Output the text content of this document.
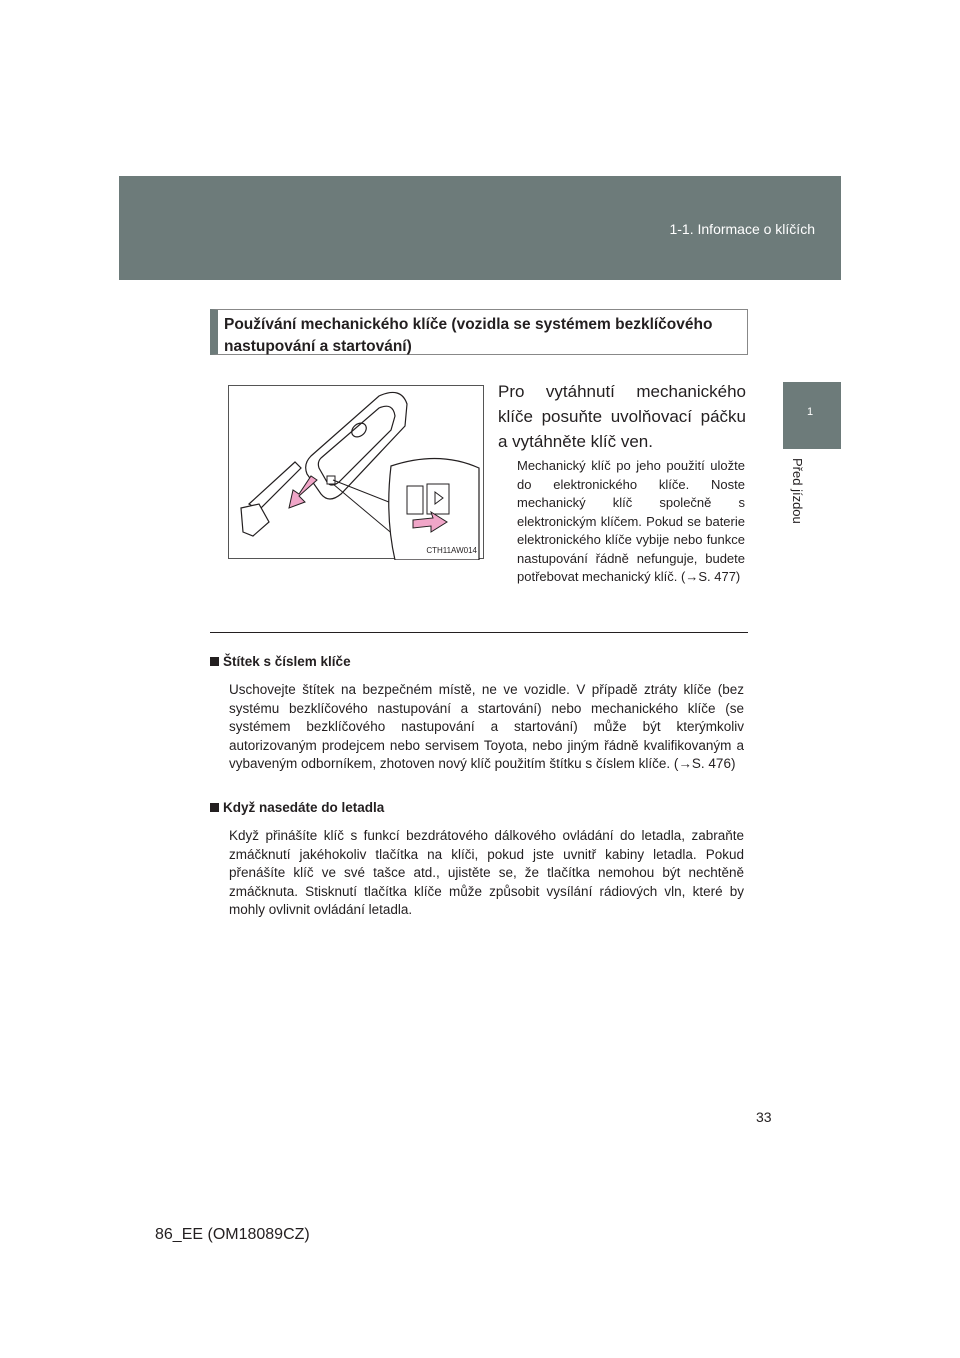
1-1. Informace o klíčích
1
Před jízdou
Používání mechanického klíče (vozidla se systémem bezklíčového nastupování a startování)
CTH11AW014
Pro vytáhnutí mechanického klíče posuňte uvolňovací páčku a vytáhněte klíč ven.
Mechanický klíč po jeho použití uložte do elektronického klíče. Noste mechanický klíč společně s elektronickým klíčem. Pokud se baterie elektronického klíče vybije nebo funkce nastupování řádně nefunguje, budete potřebovat mechanický klíč. (→S. 477)
Štítek s číslem klíče
Uschovejte štítek na bezpečném místě, ne ve vozidle. V případě ztráty klíče (bez systému bezklíčového nastupování a startování) nebo mechanického klíče (se systémem bezklíčového nastupování a startování) může být kterýmkoliv autorizovaným prodejcem nebo servisem Toyota, nebo jiným řádně kvalifikovaným a vybaveným odborníkem, zhotoven nový klíč použitím štítku s číslem klíče. (→S. 476)
Když nasedáte do letadla
Když přinášíte klíč s funkcí bezdrátového dálkového ovládání do letadla, zabraňte zmáčknutí jakéhokoliv tlačítka na klíči, pokud jste uvnitř kabiny letadla. Pokud přenášíte klíč ve své tašce atd., ujistěte se, že tlačítka nemohou být nechtěně zmáčknuta. Stisknutí tlačítka klíče může způsobit vysílání rádiových vln, které by mohly ovlivnit ovládání letadla.
33
86_EE (OM18089CZ)
